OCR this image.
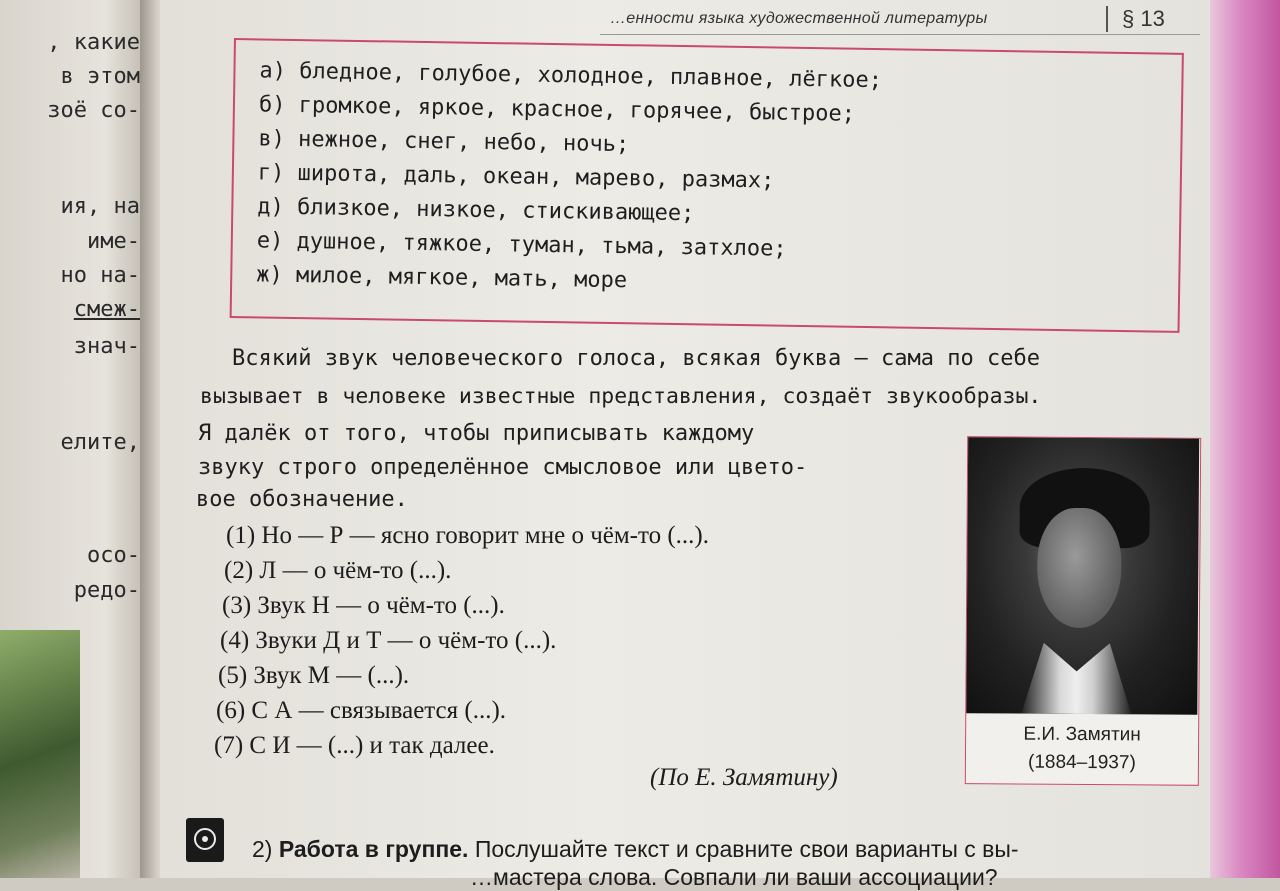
, какие
в этом
зоё со-
ия, на
име-
но на-
смеж-
знач-
елите,
осо-
редо-
…енности языка художественной литературы	§ 13
а) бледное, голубое, холодное, плавное, лёгкое;
б) громкое, яркое, красное, горячее, быстрое;
в) нежное, снег, небо, ночь;
г) широта, даль, океан, марево, размах;
д) близкое, низкое, стискивающее;
е) душное, тяжкое, туман, тьма, затхлое;
ж) милое, мягкое, мать, море
Всякий звук человеческого голоса, всякая буква — сама по себе
вызывает в человеке известные представления, создаёт звукообразы.
Я далёк от того, чтобы приписывать каждому
звуку строго определённое смысловое или цвето-
вое обозначение.
(1) Но — Р — ясно говорит мне о чём-то (...).
(2) Л — о чём-то (...).
(3) Звук Н — о чём-то (...).
(4) Звуки Д и Т — о чём-то (...).
(5) Звук М — (...).
(6) С А — связывается (...).
(7) С И — (...) и так далее.
(По Е. Замятину)
Е.И. Замятин
(1884–1937)
2) Работа в группе. Послушайте текст и сравните свои варианты с вы-
…мастера слова. Совпали ли ваши ассоциации?
